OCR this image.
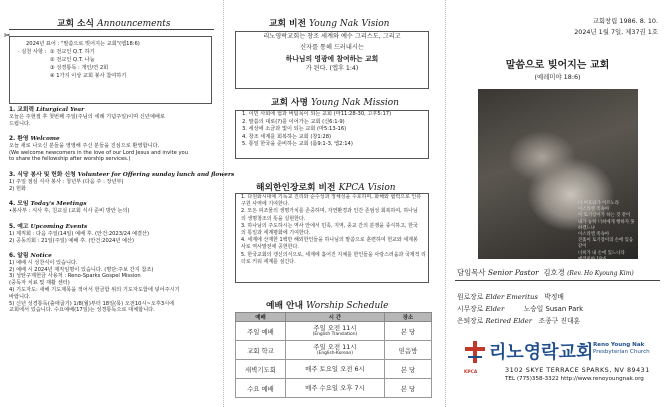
교회 소식 Announcements
✂
2024년 표어 : "말씀으로 빚어지는 교회"(렘18:6)
· 실천 사항 : ① 전교인 Q.T. 하기
② 전교인 Q.T. 나눔
③ 성경통독 : 개인/연 2회
④ 1가지 이상 교회 봉사 참여하기
1. 교회력 Liturgical Year
오늘은 주현절 후 첫번째 주일(주님의 세례 기념주일)이며 신년예배로
드립니다.
2. 환영 Welcome
오늘 새로 나오신 분들을 영영해 주신 분들을 진심으로 환영합니다.
(We welcome newcomers in the love of our Lord Jesus and invite you
to share the fellowship after worship services.)
3. 식당 봉사 및 헌화 신청 Volunteer for Offering sunday lunch and flowers
1) 주일 점심 식사 봉사 : 청년부 (다음 주 : 장년부)
2) 헌화
4. 모임 Today's Meetings
•봉사부 : 식사 후, 친교실 (교회 식사 준비 방안 논의)
5. 예고 Upcoming Events
1) 제직회 : 다음 주일(14일) 예배 후. (안건:2023/24 예결산)
2) 공동의회 : 21일(주일) 예배 후. (안건:2024년 예산)
6. 알림 Notice
1) 예배 시 성찬식이 있습니다.
2) 예배 시 2024년 제직임명이 있습니다. (명단:주보 간지 참조)
3) 성탄구제헌금 사용처 : Reno-Sparks Gospel Mission
(중독자 치료 및 재활 센터)
4) 기도자도: 새해 기도제목을 적어서 헌금함 위의 기도자도함에 넣어주시기
바랍니다.
5) 신년 성경통독(출애굽기) 1/8(월)부터 18일(목) 오전10시~오후3시에
교회에서 있습니다. 수요예배(17일)는 성경통독으로 대체합니다.
교회 비전 Young Nak Vision
리노영락교회는 창조 세계와 예수 그리스도, 그리고
신자를 통해 드러내시는
하나님의 영광에 참여하는 교회
가 된다. (엡후 1:4)
교회 사명 Young Nak Mission
1. 이민 사회에 험과 버팀목이 되는 교회 (마11:28-30, 고후5:17)
2. 말씀의 대로(?)를 이어가는 교회 (신6:1-9)
3. 세상에 소금과 빛이 되는 교회 (마5:13-16)
4. 창조 세계를 회복하는 교회 (창1:28)
5. 통일 한국을 준비하는 교회 (롬9:1-3, 엡2:14)
해외한인장로회 비전 KPCA Vision
1. 다원화시대에 기독교 진리와 순수성과 정체성을 수호하며, 화해와 협력으로 인류
구원 사역에 기여한다.
2. 모든 피조물의 생명가치를 존중하며, 자연환경과 인간 존엄성 회복하여, 하나님
의 생명창조의 뜻을 실현한다.
3. 하나님의 주도하시는 역사 안에서 민족, 지역, 종교 간의 분쟁을 종식하고, 한국
의 통일과 세계평화에 기여한다.
4. 세계에 산재한 1백만 해외한인들을 하나님의 말씀으로 훈련하여 헌교와 세계봉
사로 역사발전에 공헌한다.
5. 한국교회의 갱신의식으로, 세계에 흩어진 지체를 한인들을 사랑스러움과 국제적 리
더로 키워 세계를 섬긴다.
예배 안내 Worship Schedule
예배	시 간	장소
주일 예배	주일 오전 11시
(English Translation)	본 당
교회 학교	주일 오전 11시
(English-Korean)	믿음방
새벽기도회	매주 토요일 오전 6시	본 당
수요 예배	매주 수요일 오후 7시	본 당
교회창립 1986. 8. 10.
2024년 1월 7일, 제37권 1호
말씀으로 빚어지는 교회
(예레미야 18:6)
나 여호와가 이르노라
이스라엘 족속아
이 토기장이가 하는 것 같이
내가 능히 너희에게 행하지 못하겠느냐
이스라엘 족속아
진흙이 토기장이의 손에 있음 같이
너희가 내 손에 있느니라
예레미야 18:6
담임목사 Senior Pastor 김호경 (Rev. Ho Kyoung Kim)
원로장로 Elder Emeritus 박정배
시무장로 Elder	노승일 Susan Park
은퇴장로 Retired Elder 조종구 진대훈
KPCA
리노영락교회 Reno Young Nak
Presbyterian Church
3102 SKYE TERRACE SPARKS, NV 89431
TEL (775)358-3322 http://www.renoyoungnak.org
